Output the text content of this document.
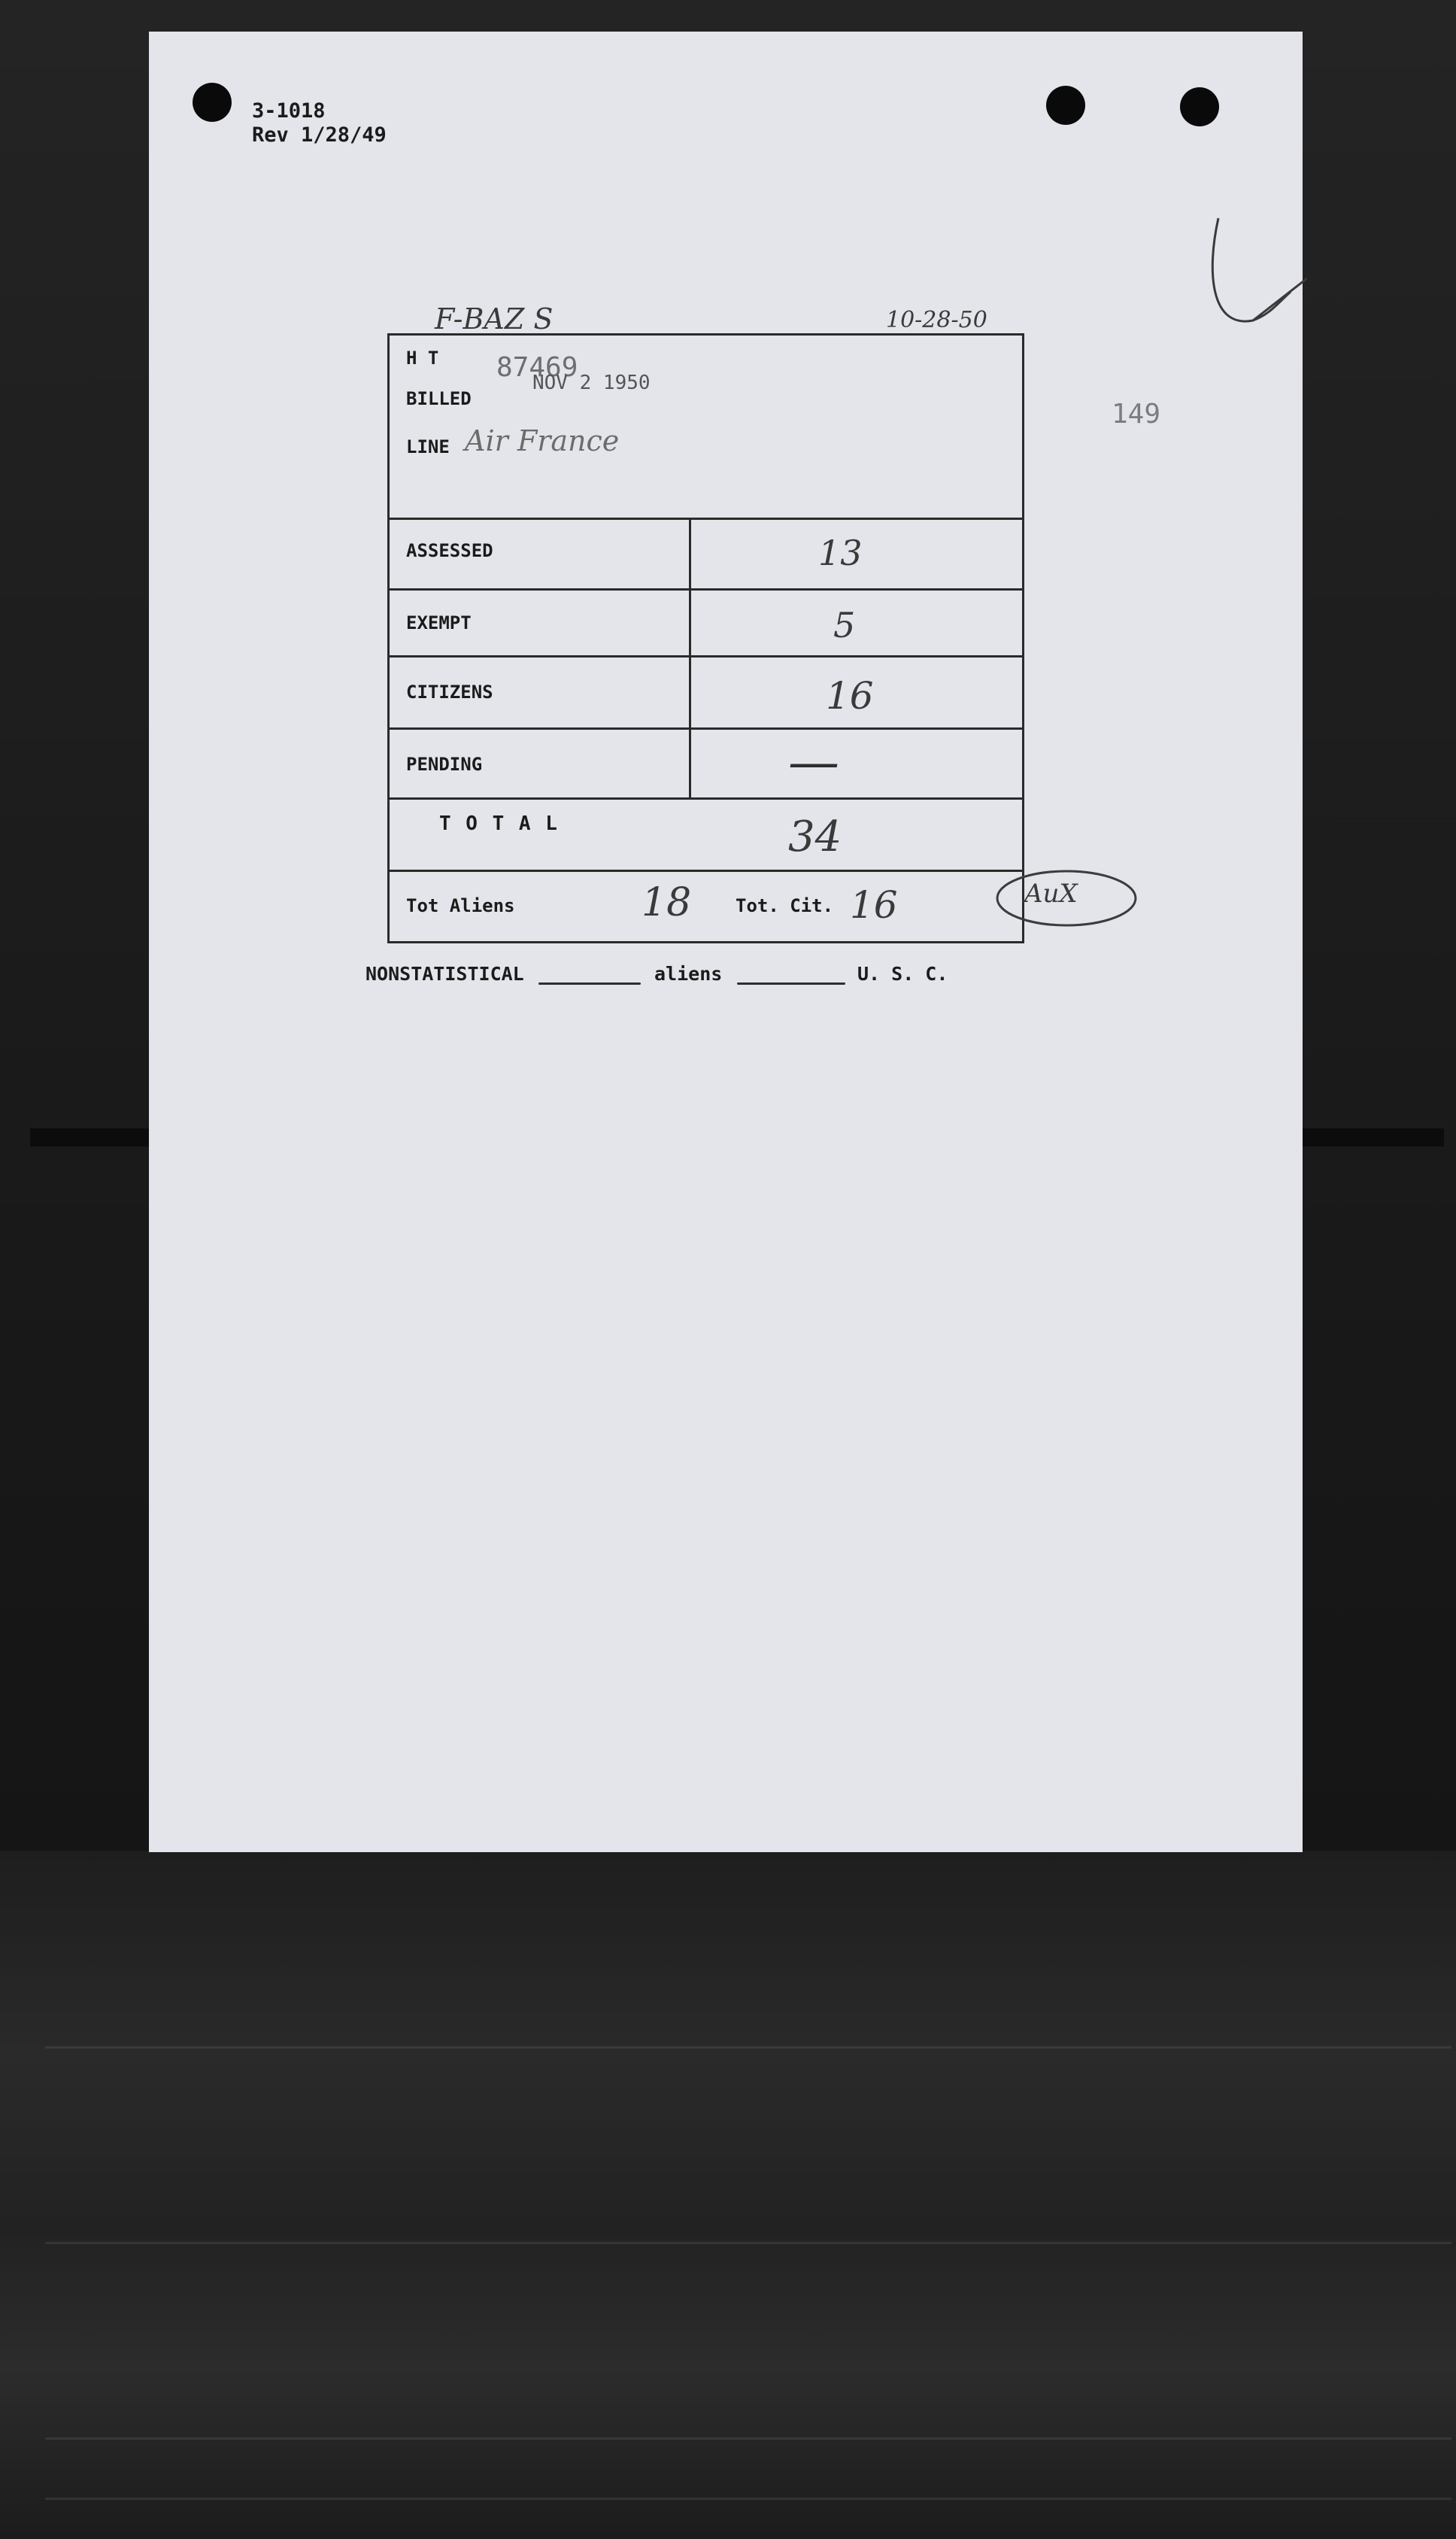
3-1018
Rev 1/28/49
F-BAZ S	10-28-50
149
H T 87469
NOV 2 1950
BILLED
LINE Air France
ASSESSED	13
EXEMPT	5
CITIZENS	16
PENDING	—
T O T A L	34
Tot Aliens	18 Tot. Cit. 16	AuX
NONSTATISTICAL	aliens	U. S. C.
